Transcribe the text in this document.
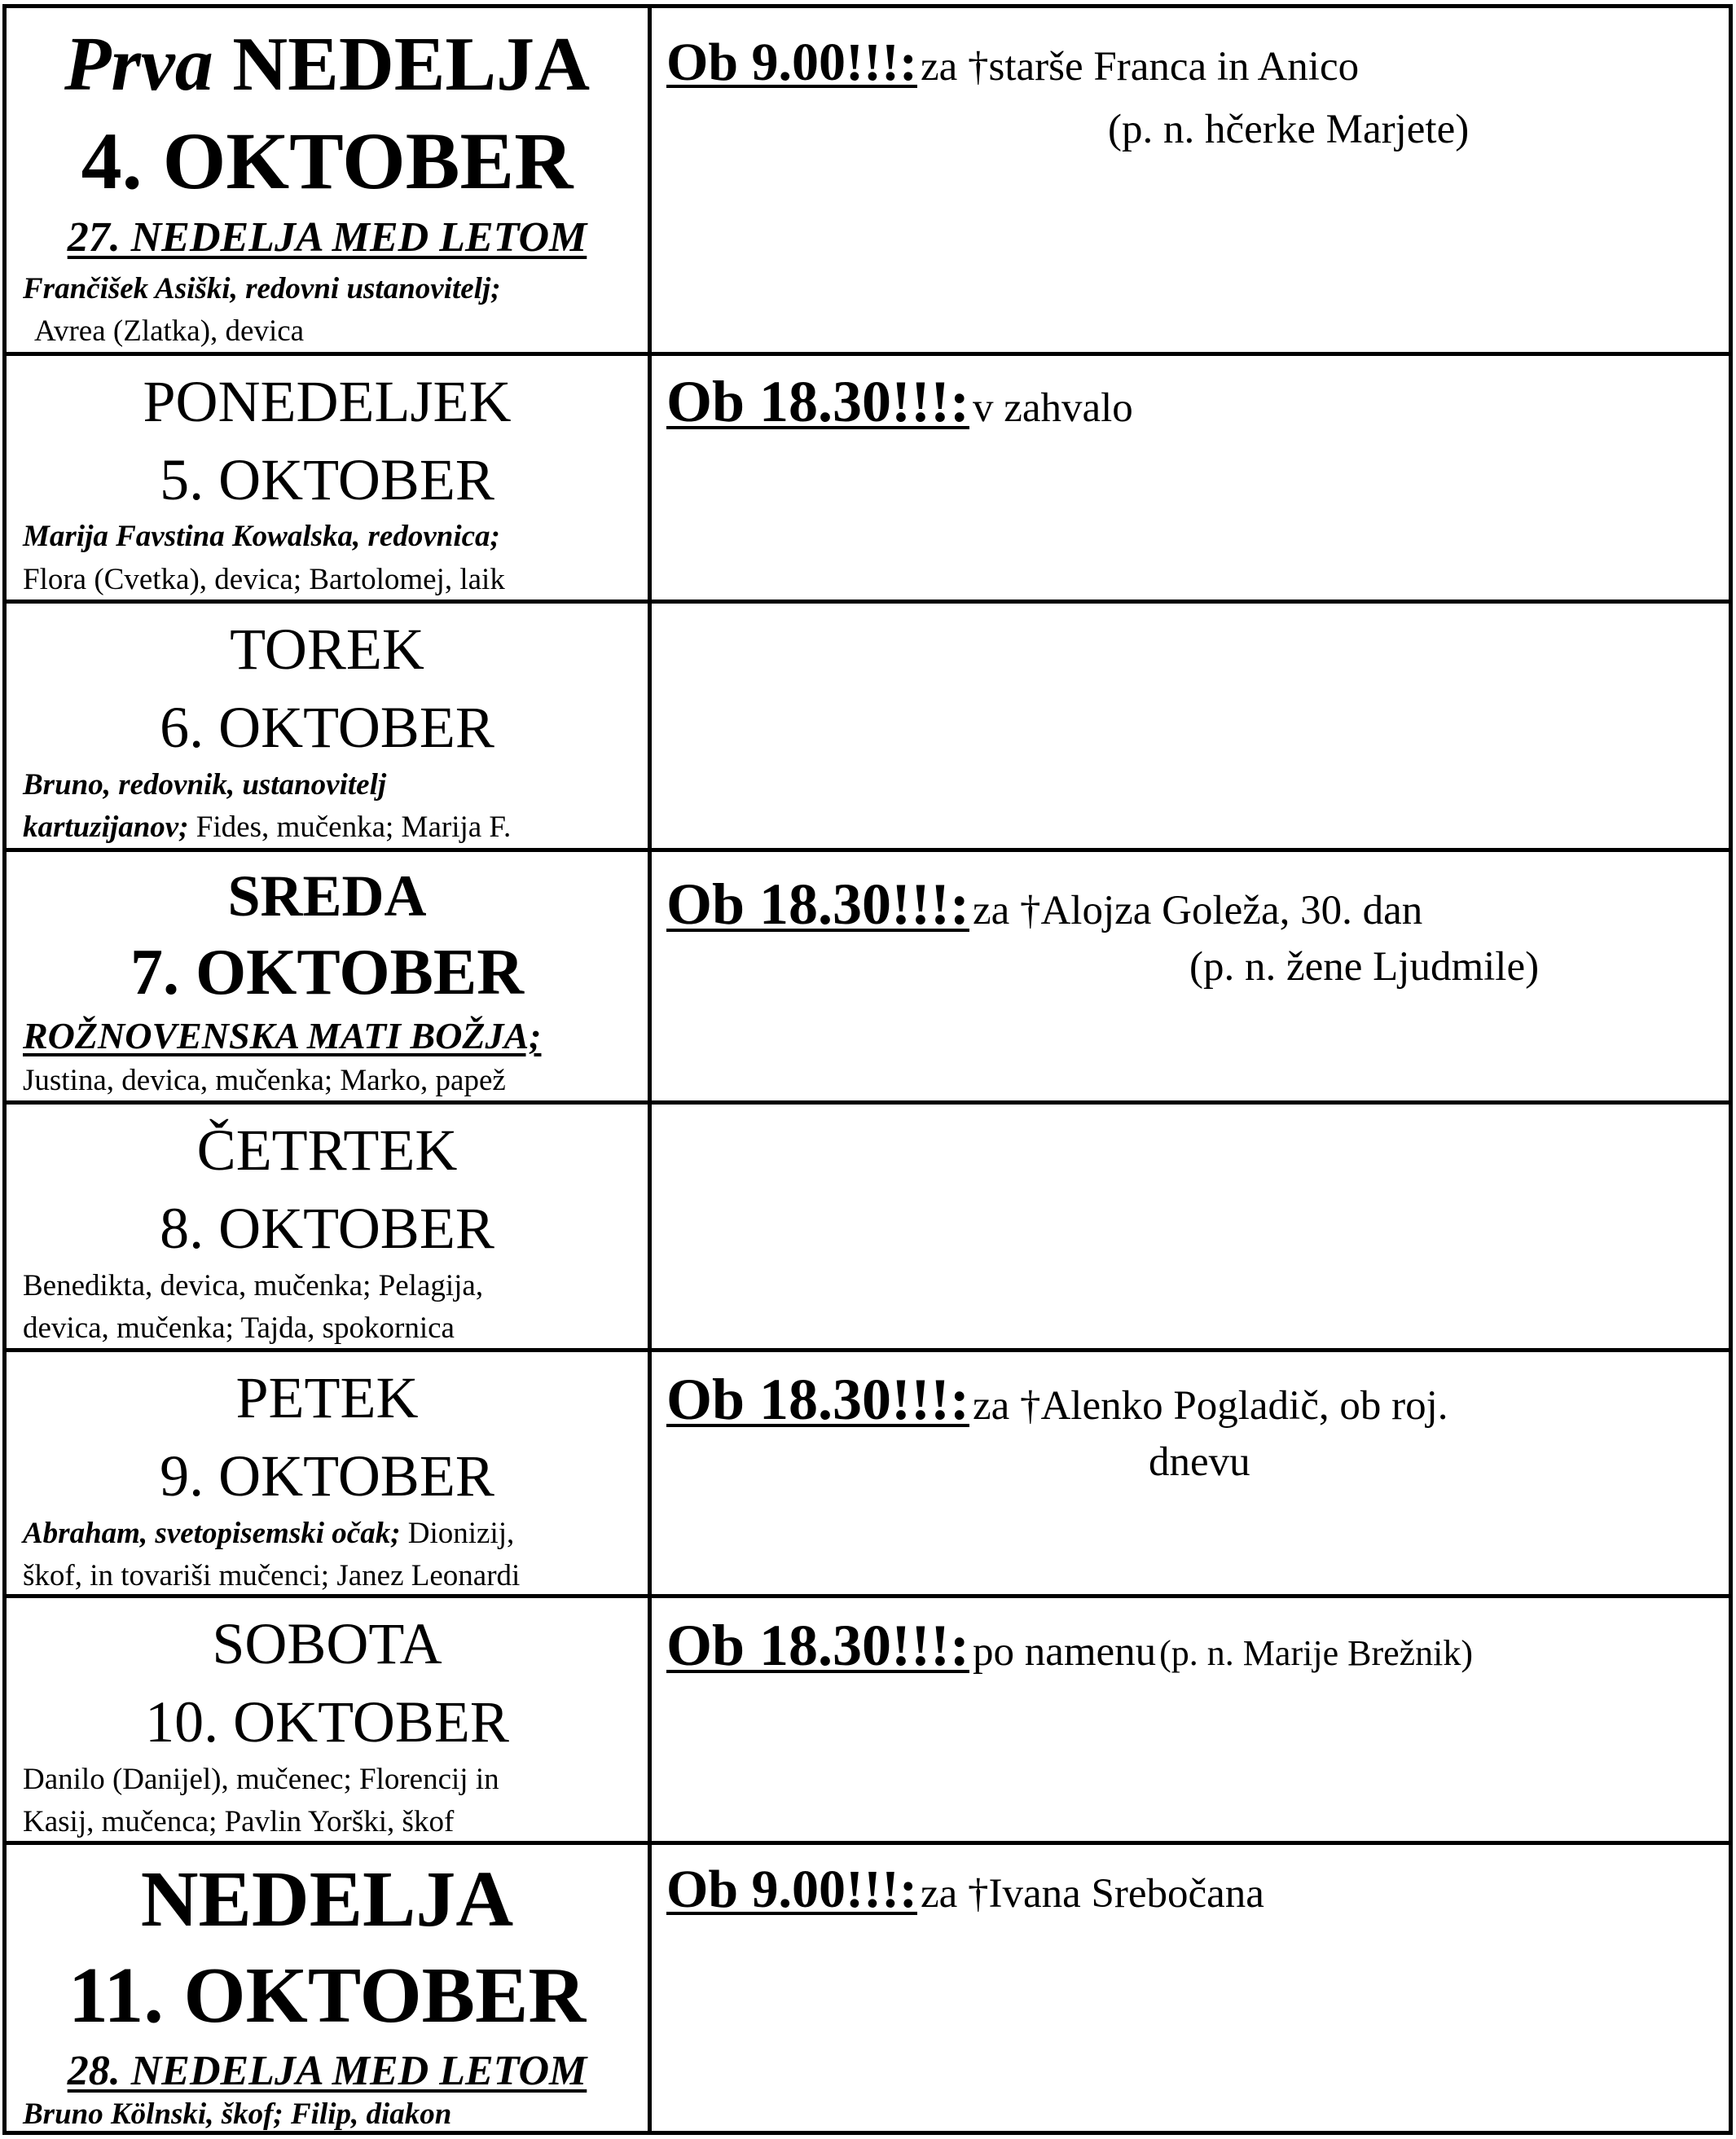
Prva NEDELJA
4. OKTOBER
27. NEDELJA MED LETOM
Frančišek Asiški, redovni ustanovitelj;
Avrea (Zlatka), devica
Ob 9.00!!!: za †starše Franca in Anico
(p. n. hčerke Marjete)
PONEDELJEK
5. OKTOBER
Marija Favstina Kowalska, redovnica;
Flora (Cvetka), devica; Bartolomej, laik
Ob 18.30!!!: v zahvalo
TOREK
6. OKTOBER
Bruno, redovnik, ustanovitelj
kartuzijanov; Fides, mučenka; Marija F.
SREDA
7. OKTOBER
ROŽNOVENSKA MATI BOŽJA;
Justina, devica, mučenka; Marko, papež
Ob 18.30!!!: za †Alojza Goleža, 30. dan
(p. n. žene Ljudmile)
ČETRTEK
8. OKTOBER
Benedikta, devica, mučenka; Pelagija,
devica, mučenka; Tajda, spokornica
PETEK
9. OKTOBER
Abraham, svetopisemski očak; Dionizij,
škof, in tovariši mučenci; Janez Leonardi
Ob 18.30!!!: za †Alenko Pogladič, ob roj.
dnevu
SOBOTA
10. OKTOBER
Danilo (Danijel), mučenec; Florencij in
Kasij, mučenca; Pavlin Yorški, škof
Ob 18.30!!!: po namenu (p. n. Marije Brežnik)
NEDELJA
11. OKTOBER
28. NEDELJA MED LETOM
Bruno Kölnski, škof; Filip, diakon
Ob 9.00!!!: za †Ivana Srebočana
